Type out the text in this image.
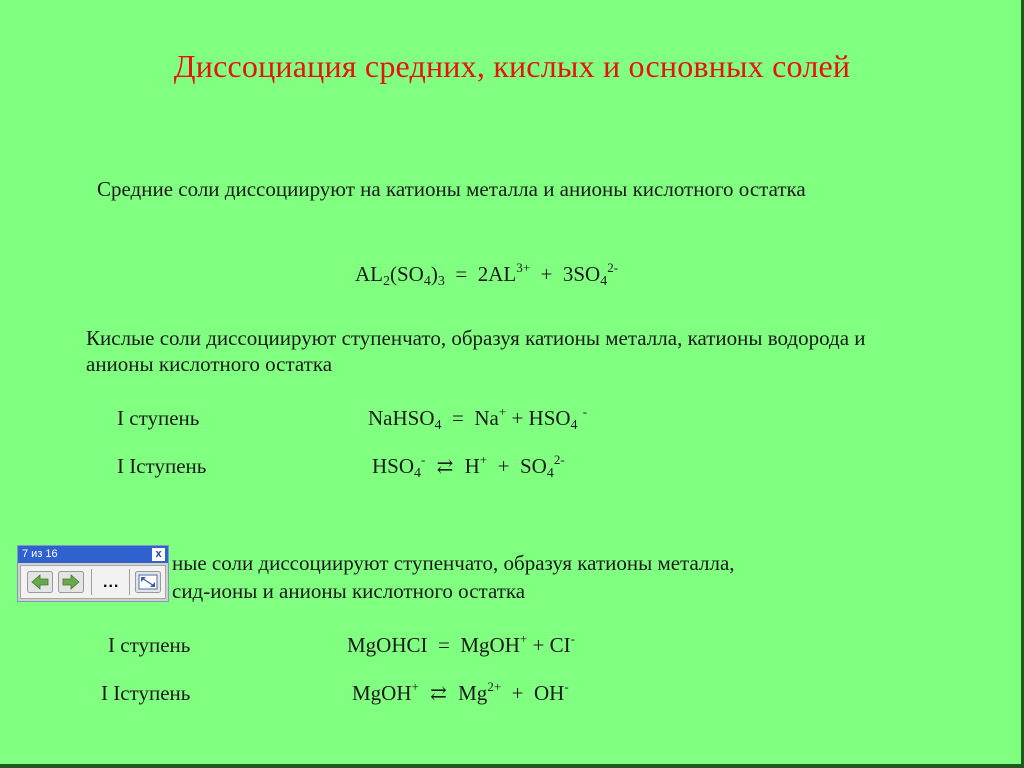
Диссоциация средних, кислых и основных солей
Средние соли диссоциируют на катионы металла и анионы кислотного остатка
$AL_2(SO_4)_3 = 2AL^{3+} + 3SO_4^{2-}$
Кислые соли диссоциируют ступенчато, образуя катионы металла, катионы водорода и анионы кислотного остатка
I ступень	NaHSO$_4$ = $Na^+ + HSO_4$ -
I Iступень	$HSO_4^-$ ⇄ $H^+ + SO_4^{2-}$
ные соли диссоциируют ступенчато, образуя катионы металла,
сид-ионы и анионы кислотного остатка
I ступень	MgOHCI = MgOH+ + CI-
I Iступень	MgOH+ ⇄ $Mg^{2+} + OH^-$
7 из 16	x
...
